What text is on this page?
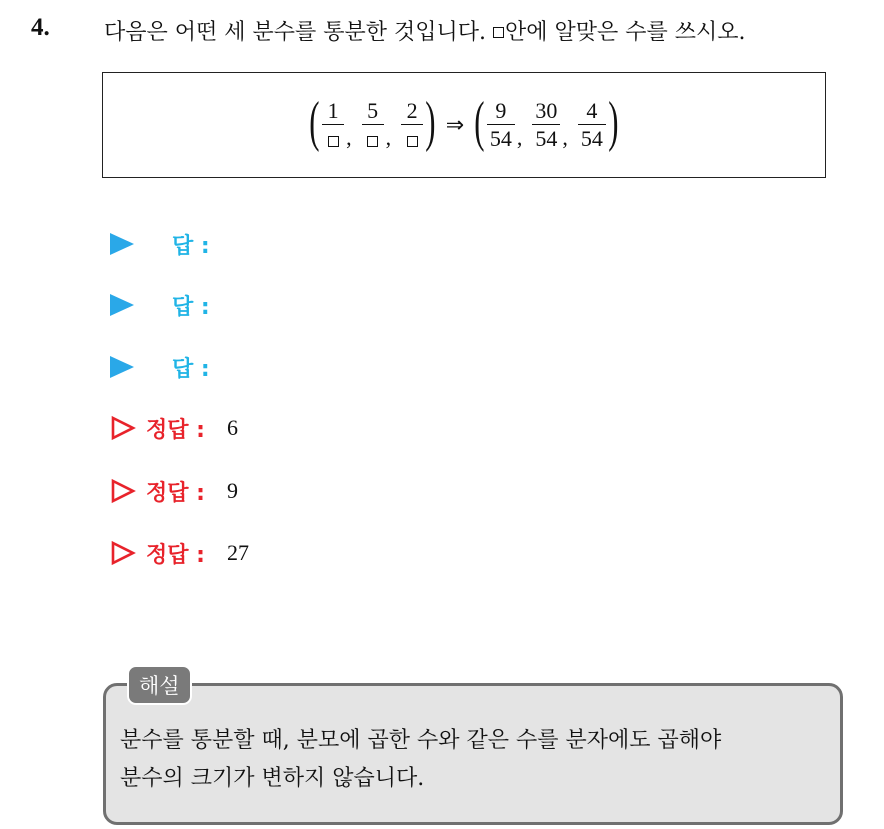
4. 다음은 어떤 세 분수를 통분한 것입니다. 안에 알맞은 수를 쓰시오.
( 1
,
5
,
2 ) ⇒ ( $\frac{9}{54}$ , $\frac{30}{54}$ , $\frac{4}{54}$ )
답 :
답 :
답 :
정답 : 6
정답 : 9
정답 : 27
해설
분수를 통분할 때, 분모에 곱한 수와 같은 수를 분자에도 곱해야
분수의 크기가 변하지 않습니다.
